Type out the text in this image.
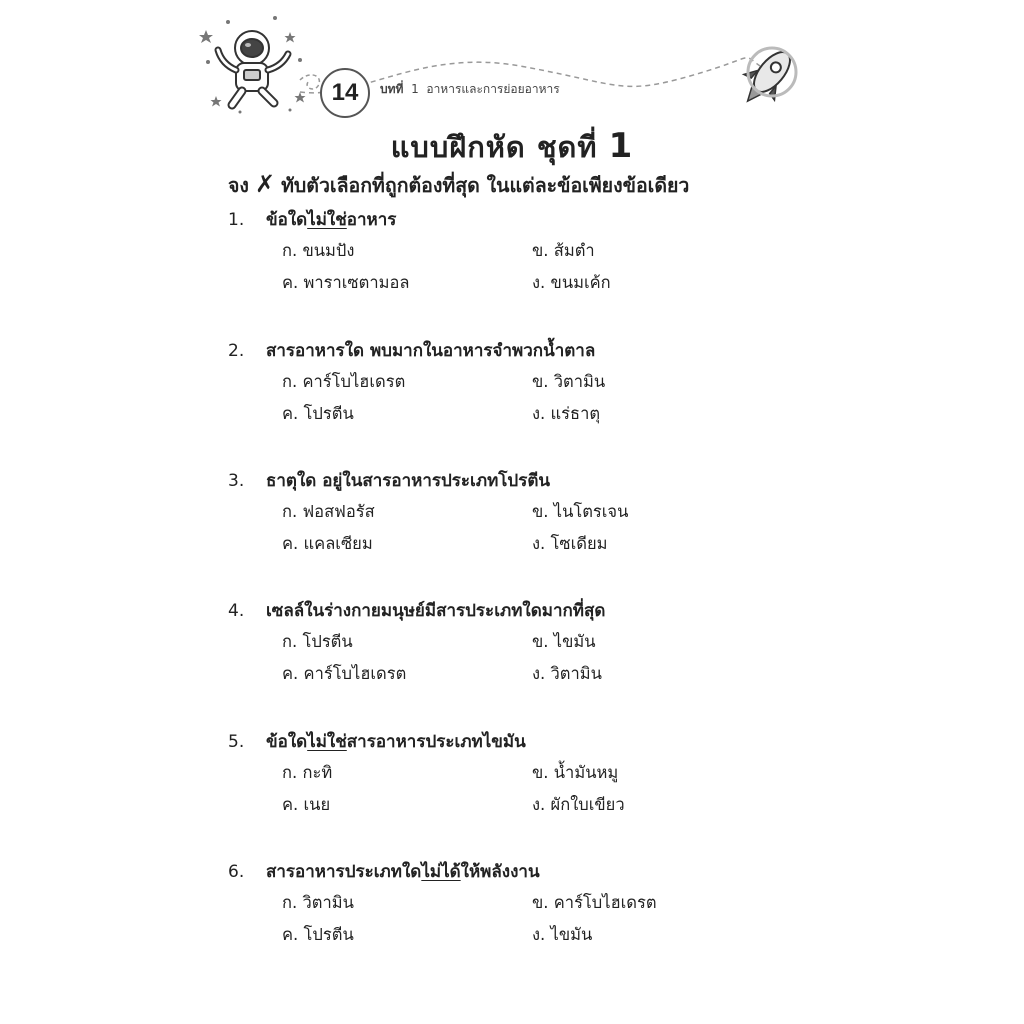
14 บทที่ 1 อาหารและการย่อยอาหาร
แบบฝึกหัด ชุดที่ 1
จง ✗ ทับตัวเลือกที่ถูกต้องที่สุด ในแต่ละข้อเพียงข้อเดียว
1. ข้อใดไม่ใช่อาหาร
ก. ขนมปัง	ข. ส้มตำ
ค. พาราเซตามอล	ง. ขนมเค้ก
2. สารอาหารใด พบมากในอาหารจำพวกน้ำตาล
ก. คาร์โบไฮเดรต	ข. วิตามิน
ค. โปรตีน	ง. แร่ธาตุ
3. ธาตุใด อยู่ในสารอาหารประเภทโปรตีน
ก. ฟอสฟอรัส	ข. ไนโตรเจน
ค. แคลเซียม	ง. โซเดียม
4. เซลล์ในร่างกายมนุษย์มีสารประเภทใดมากที่สุด
ก. โปรตีน	ข. ไขมัน
ค. คาร์โบไฮเดรต	ง. วิตามิน
5. ข้อใดไม่ใช่สารอาหารประเภทไขมัน
ก. กะทิ	ข. น้ำมันหมู
ค. เนย	ง. ผักใบเขียว
6. สารอาหารประเภทใดไม่ได้ให้พลังงาน
ก. วิตามิน	ข. คาร์โบไฮเดรต
ค. โปรตีน	ง. ไขมัน
